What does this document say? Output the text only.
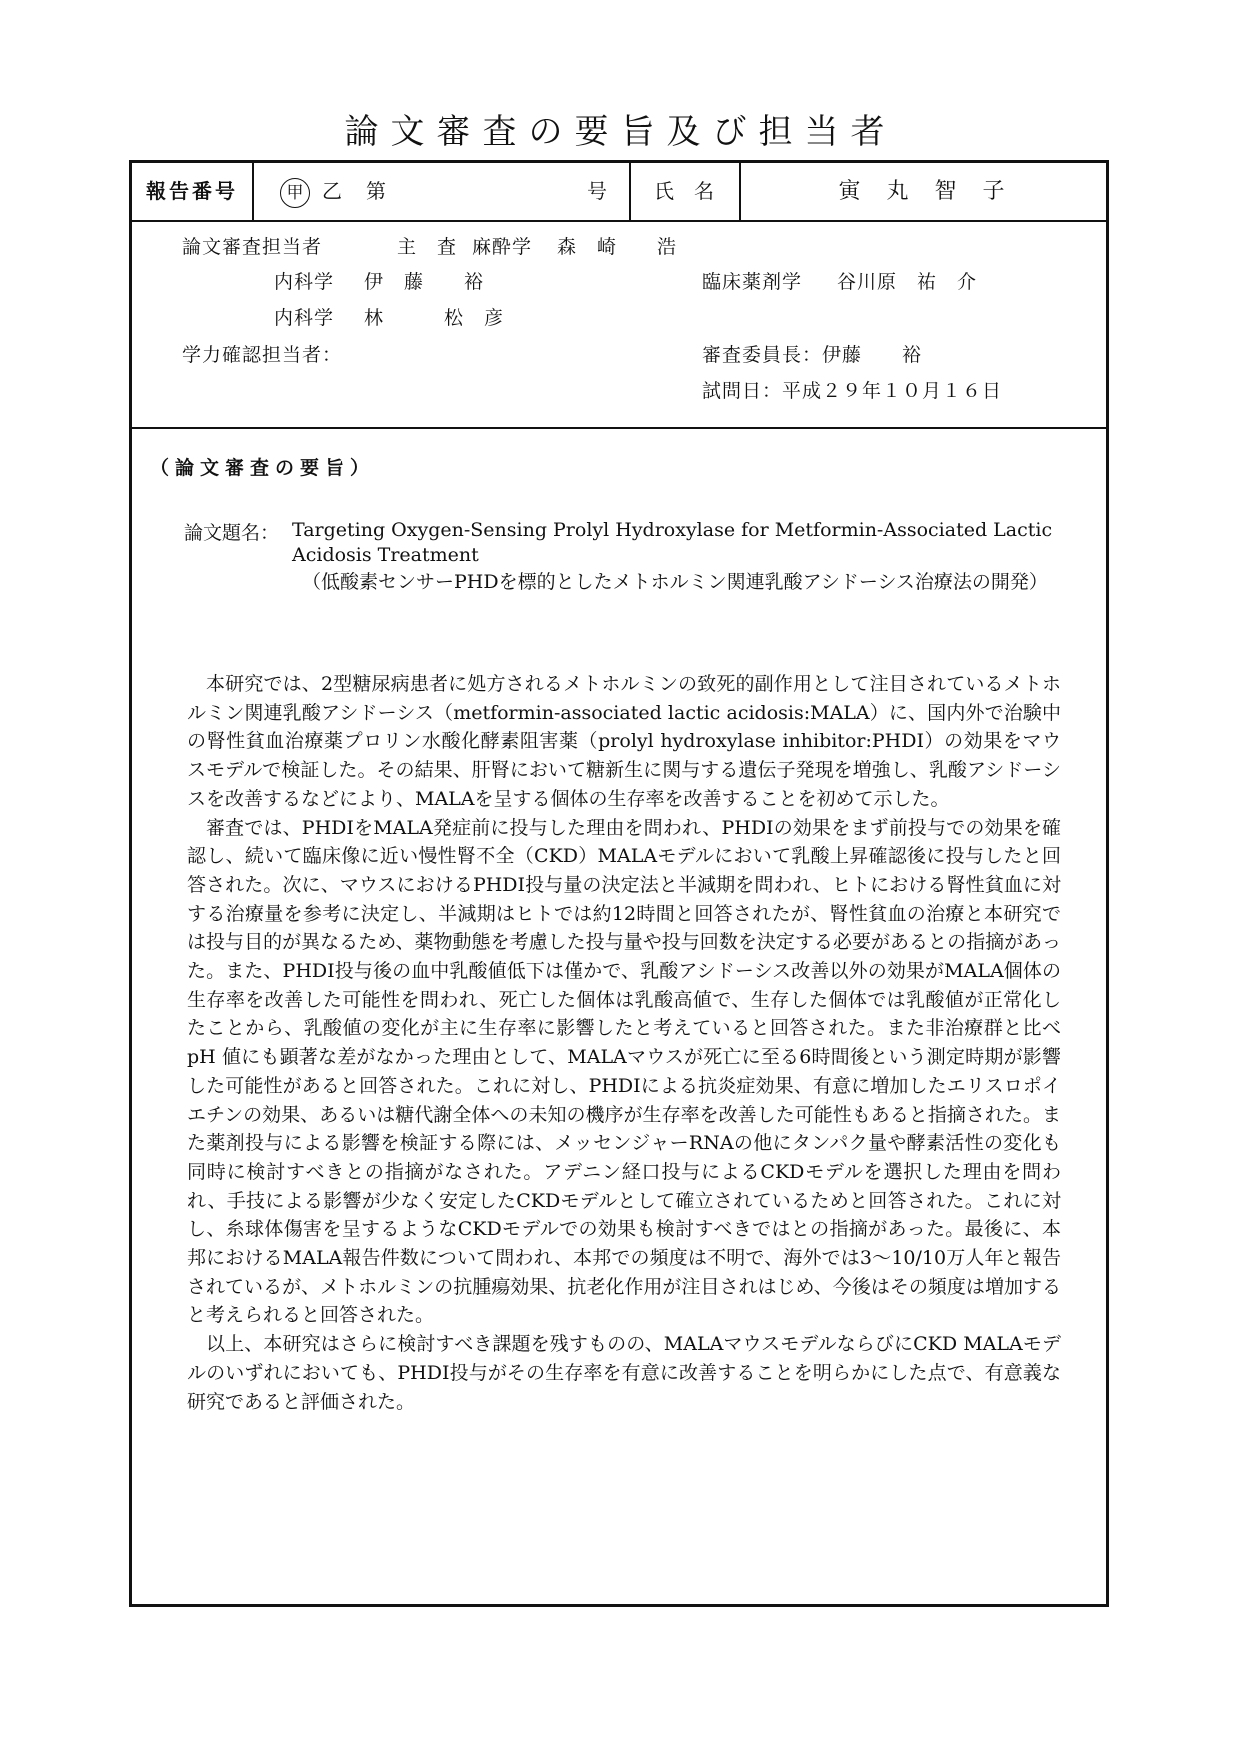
論文審査の要旨及び担当者
報告番号	甲 乙 第	号	氏　名	寅　丸　智　子
論文審査担当者	主　査 麻酔学 森　崎　　浩
内科学 伊　藤　　裕	臨床薬剤学 谷川原　祐　介
内科学 林　　　松　彦
学力確認担当者：	審査委員長：伊藤　　裕
試問日：平成２９年１０月１６日
（論文審査の要旨）
論文題名： Targeting Oxygen-Sensing Prolyl Hydroxylase for Metformin-Associated Lactic Acidosis Treatment
（低酸素センサーPHDを標的としたメトホルミン関連乳酸アシドーシス治療法の開発）

本研究では、2型糖尿病患者に処方されるメトホルミンの致死的副作用として注目されているメトホルミン関連乳酸アシドーシス（metformin-associated lactic acidosis:MALA）に、国内外で治験中の腎性貧血治療薬プロリン水酸化酵素阻害薬（prolyl hydroxylase inhibitor:PHDI）の効果をマウスモデルで検証した。その結果、肝腎において糖新生に関与する遺伝子発現を増強し、乳酸アシドーシスを改善するなどにより、MALAを呈する個体の生存率を改善することを初めて示した。

審査では、PHDIをMALA発症前に投与した理由を問われ、PHDIの効果をまず前投与での効果を確認し、続いて臨床像に近い慢性腎不全（CKD）MALAモデルにおいて乳酸上昇確認後に投与したと回答された。次に、マウスにおけるPHDI投与量の決定法と半減期を問われ、ヒトにおける腎性貧血に対する治療量を参考に決定し、半減期はヒトでは約12時間と回答されたが、腎性貧血の治療と本研究では投与目的が異なるため、薬物動態を考慮した投与量や投与回数を決定する必要があるとの指摘があった。また、PHDI投与後の血中乳酸値低下は僅かで、乳酸アシドーシス改善以外の効果がMALA個体の生存率を改善した可能性を問われ、死亡した個体は乳酸高値で、生存した個体では乳酸値が正常化したことから、乳酸値の変化が主に生存率に影響したと考えていると回答された。また非治療群と比べpH 値にも顕著な差がなかった理由として、MALAマウスが死亡に至る6時間後という測定時期が影響した可能性があると回答された。これに対し、PHDIによる抗炎症効果、有意に増加したエリスロポイエチンの効果、あるいは糖代謝全体への未知の機序が生存率を改善した可能性もあると指摘された。また薬剤投与による影響を検証する際には、メッセンジャーRNAの他にタンパク量や酵素活性の変化も同時に検討すべきとの指摘がなされた。アデニン経口投与によるCKDモデルを選択した理由を問われ、手技による影響が少なく安定したCKDモデルとして確立されているためと回答された。これに対し、糸球体傷害を呈するようなCKDモデルでの効果も検討すべきではとの指摘があった。最後に、本邦におけるMALA報告件数について問われ、本邦での頻度は不明で、海外では3～10/10万人年と報告されているが、メトホルミンの抗腫瘍効果、抗老化作用が注目されはじめ、今後はその頻度は増加すると考えられると回答された。

以上、本研究はさらに検討すべき課題を残すものの、MALAマウスモデルならびにCKD MALAモデルのいずれにおいても、PHDI投与がその生存率を有意に改善することを明らかにした点で、有意義な研究であると評価された。
